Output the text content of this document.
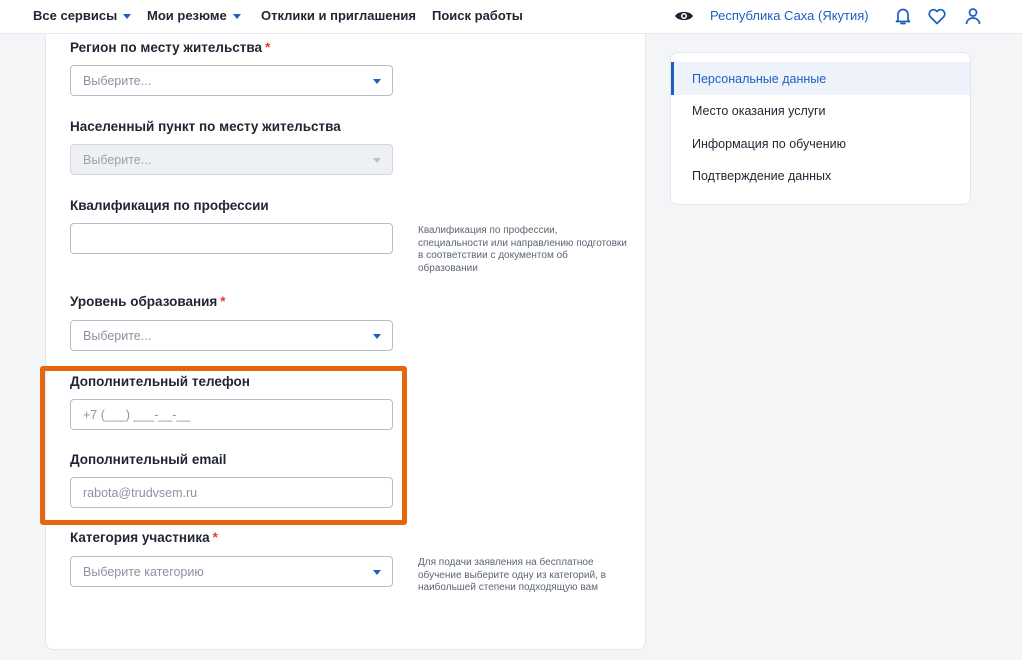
Все сервисы Мои резюме	Отклики и приглашения Поиск работы	Республика Саха (Якутия)
Регион по месту жительства *
Выберите...
Населенный пункт по месту жительства
Выберите...
Квалификация по профессии
Квалификация по профессии, специальности или направлению подготовки в соответствии с документом об образовании
Уровень образования *
Выберите...
Дополнительный телефон
+7 (___) ___-__-__
Дополнительный email
rabota@trudvsem.ru
Категория участника *
Выберите категорию
Для подачи заявления на бесплатное обучение выберите одну из категорий, в наибольшей степени подходящую вам
Персональные данные
Место оказания услуги
Информация по обучению
Подтверждение данных
